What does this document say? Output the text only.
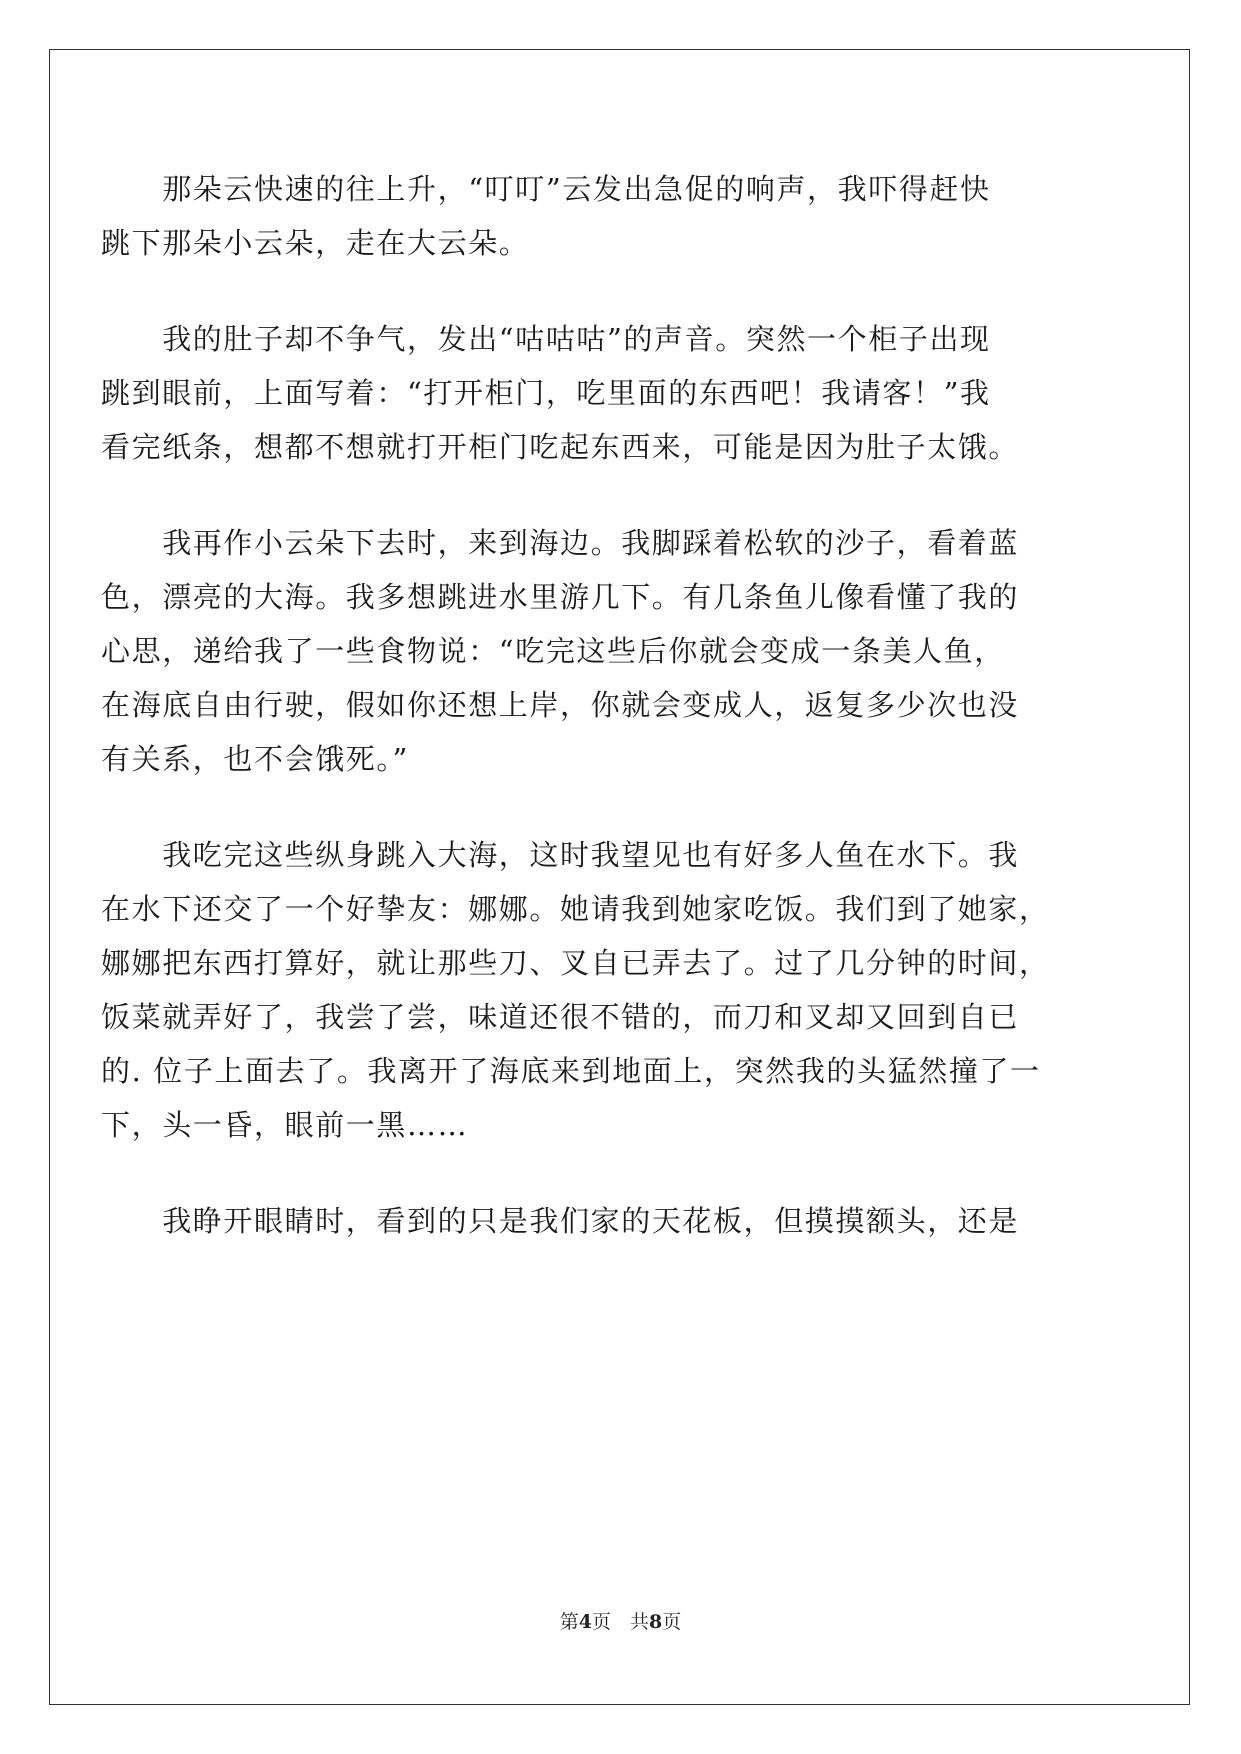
　　那朵云快速的往上升，“叮叮”云发出急促的响声，我吓得赶快
跳下那朵小云朵，走在大云朵。
　　我的肚子却不争气，发出“咕咕咕”的声音。突然一个柜子出现
跳到眼前，上面写着：“打开柜门，吃里面的东西吧！我请客！”我
看完纸条，想都不想就打开柜门吃起东西来，可能是因为肚子太饿。
　　我再作小云朵下去时，来到海边。我脚踩着松软的沙子，看着蓝
色，漂亮的大海。我多想跳进水里游几下。有几条鱼儿像看懂了我的
心思，递给我了一些食物说：“吃完这些后你就会变成一条美人鱼，
在海底自由行驶，假如你还想上岸，你就会变成人，返复多少次也没
有关系，也不会饿死。”
　　我吃完这些纵身跳入大海，这时我望见也有好多人鱼在水下。我
在水下还交了一个好挚友：娜娜。她请我到她家吃饭。我们到了她家，
娜娜把东西打算好，就让那些刀、叉自已弄去了。过了几分钟的时间，
饭菜就弄好了，我尝了尝，味道还很不错的，而刀和叉却又回到自已
的. 位子上面去了。我离开了海底来到地面上，突然我的头猛然撞了一
下，头一昏，眼前一黑……
　　我睁开眼睛时，看到的只是我们家的天花板，但摸摸额头，还是
第4页　共8页
